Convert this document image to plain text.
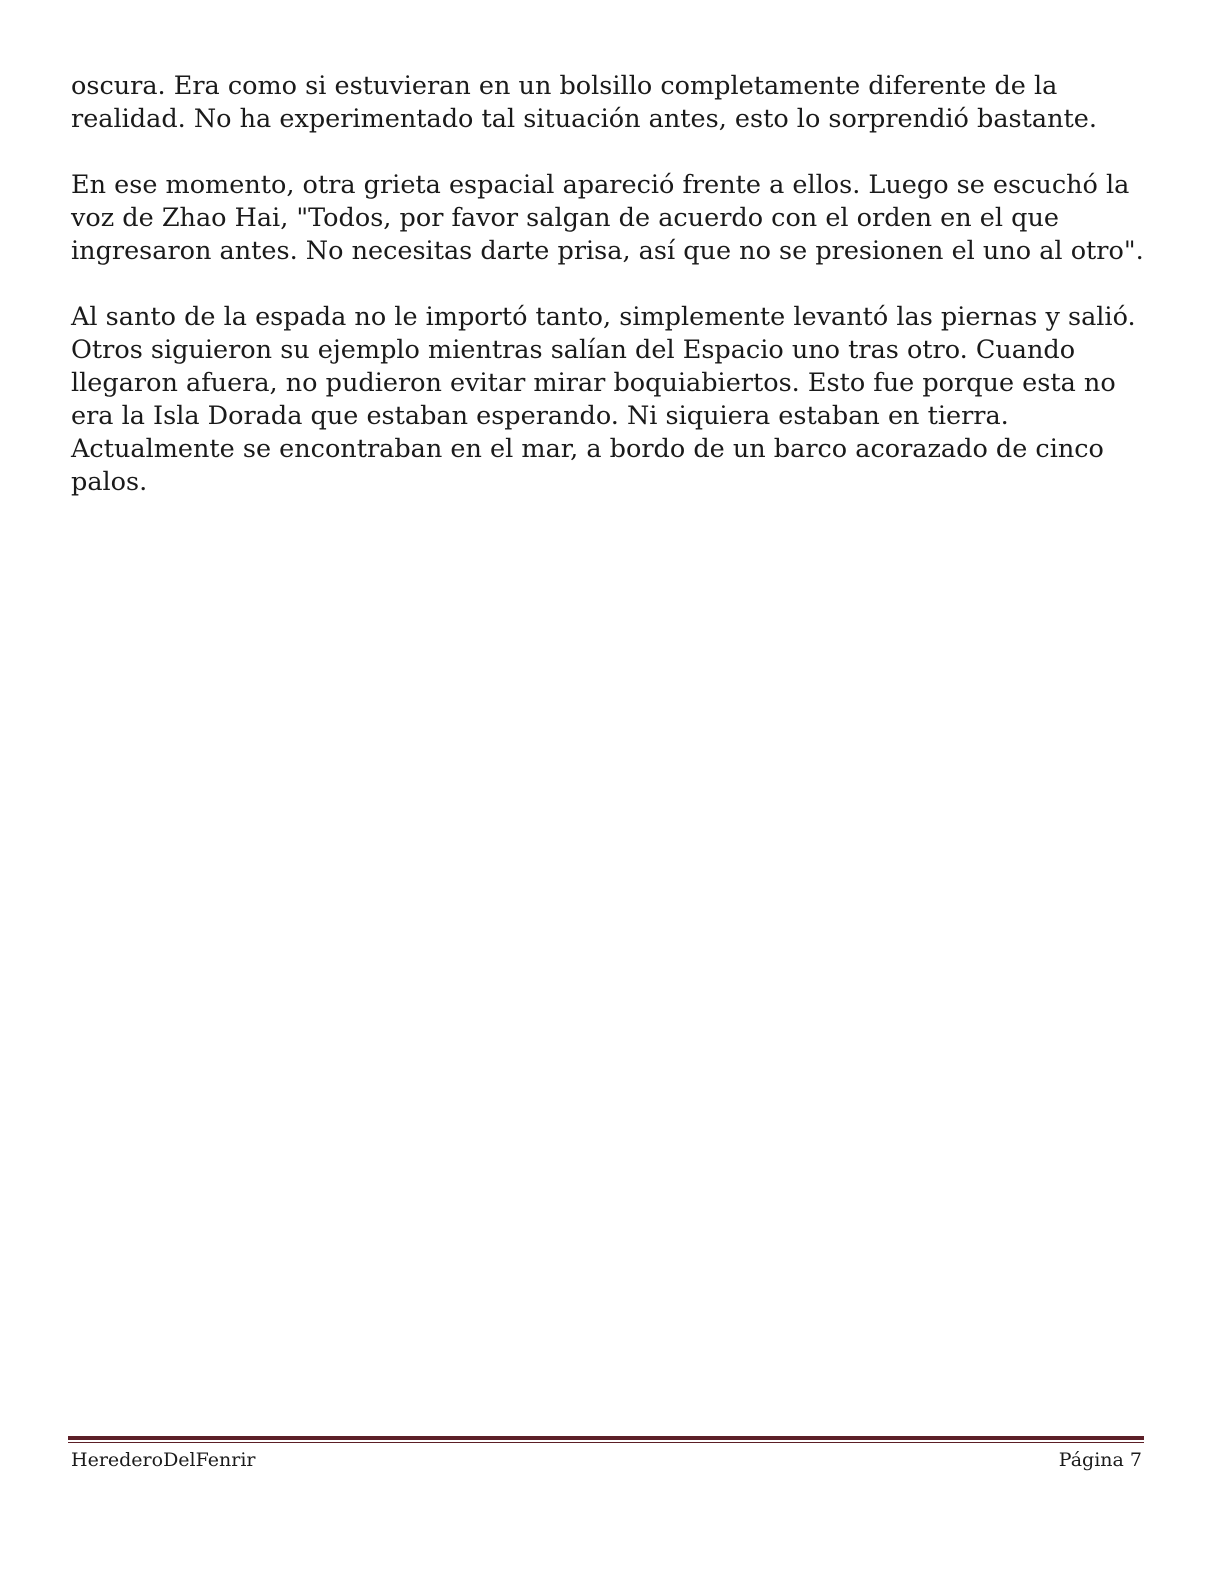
oscura. Era como si estuvieran en un bolsillo completamente diferente de la realidad. No ha experimentado tal situación antes, esto lo sorprendió bastante.

En ese momento, otra grieta espacial apareció frente a ellos. Luego se escuchó la voz de Zhao Hai, "Todos, por favor salgan de acuerdo con el orden en el que ingresaron antes. No necesitas darte prisa, así que no se presionen el uno al otro".

Al santo de la espada no le importó tanto, simplemente levantó las piernas y salió. Otros siguieron su ejemplo mientras salían del Espacio uno tras otro. Cuando llegaron afuera, no pudieron evitar mirar boquiabiertos. Esto fue porque esta no era la Isla Dorada que estaban esperando. Ni siquiera estaban en tierra. Actualmente se encontraban en el mar, a bordo de un barco acorazado de cinco palos.

HerederoDelFenrir	Página 7
